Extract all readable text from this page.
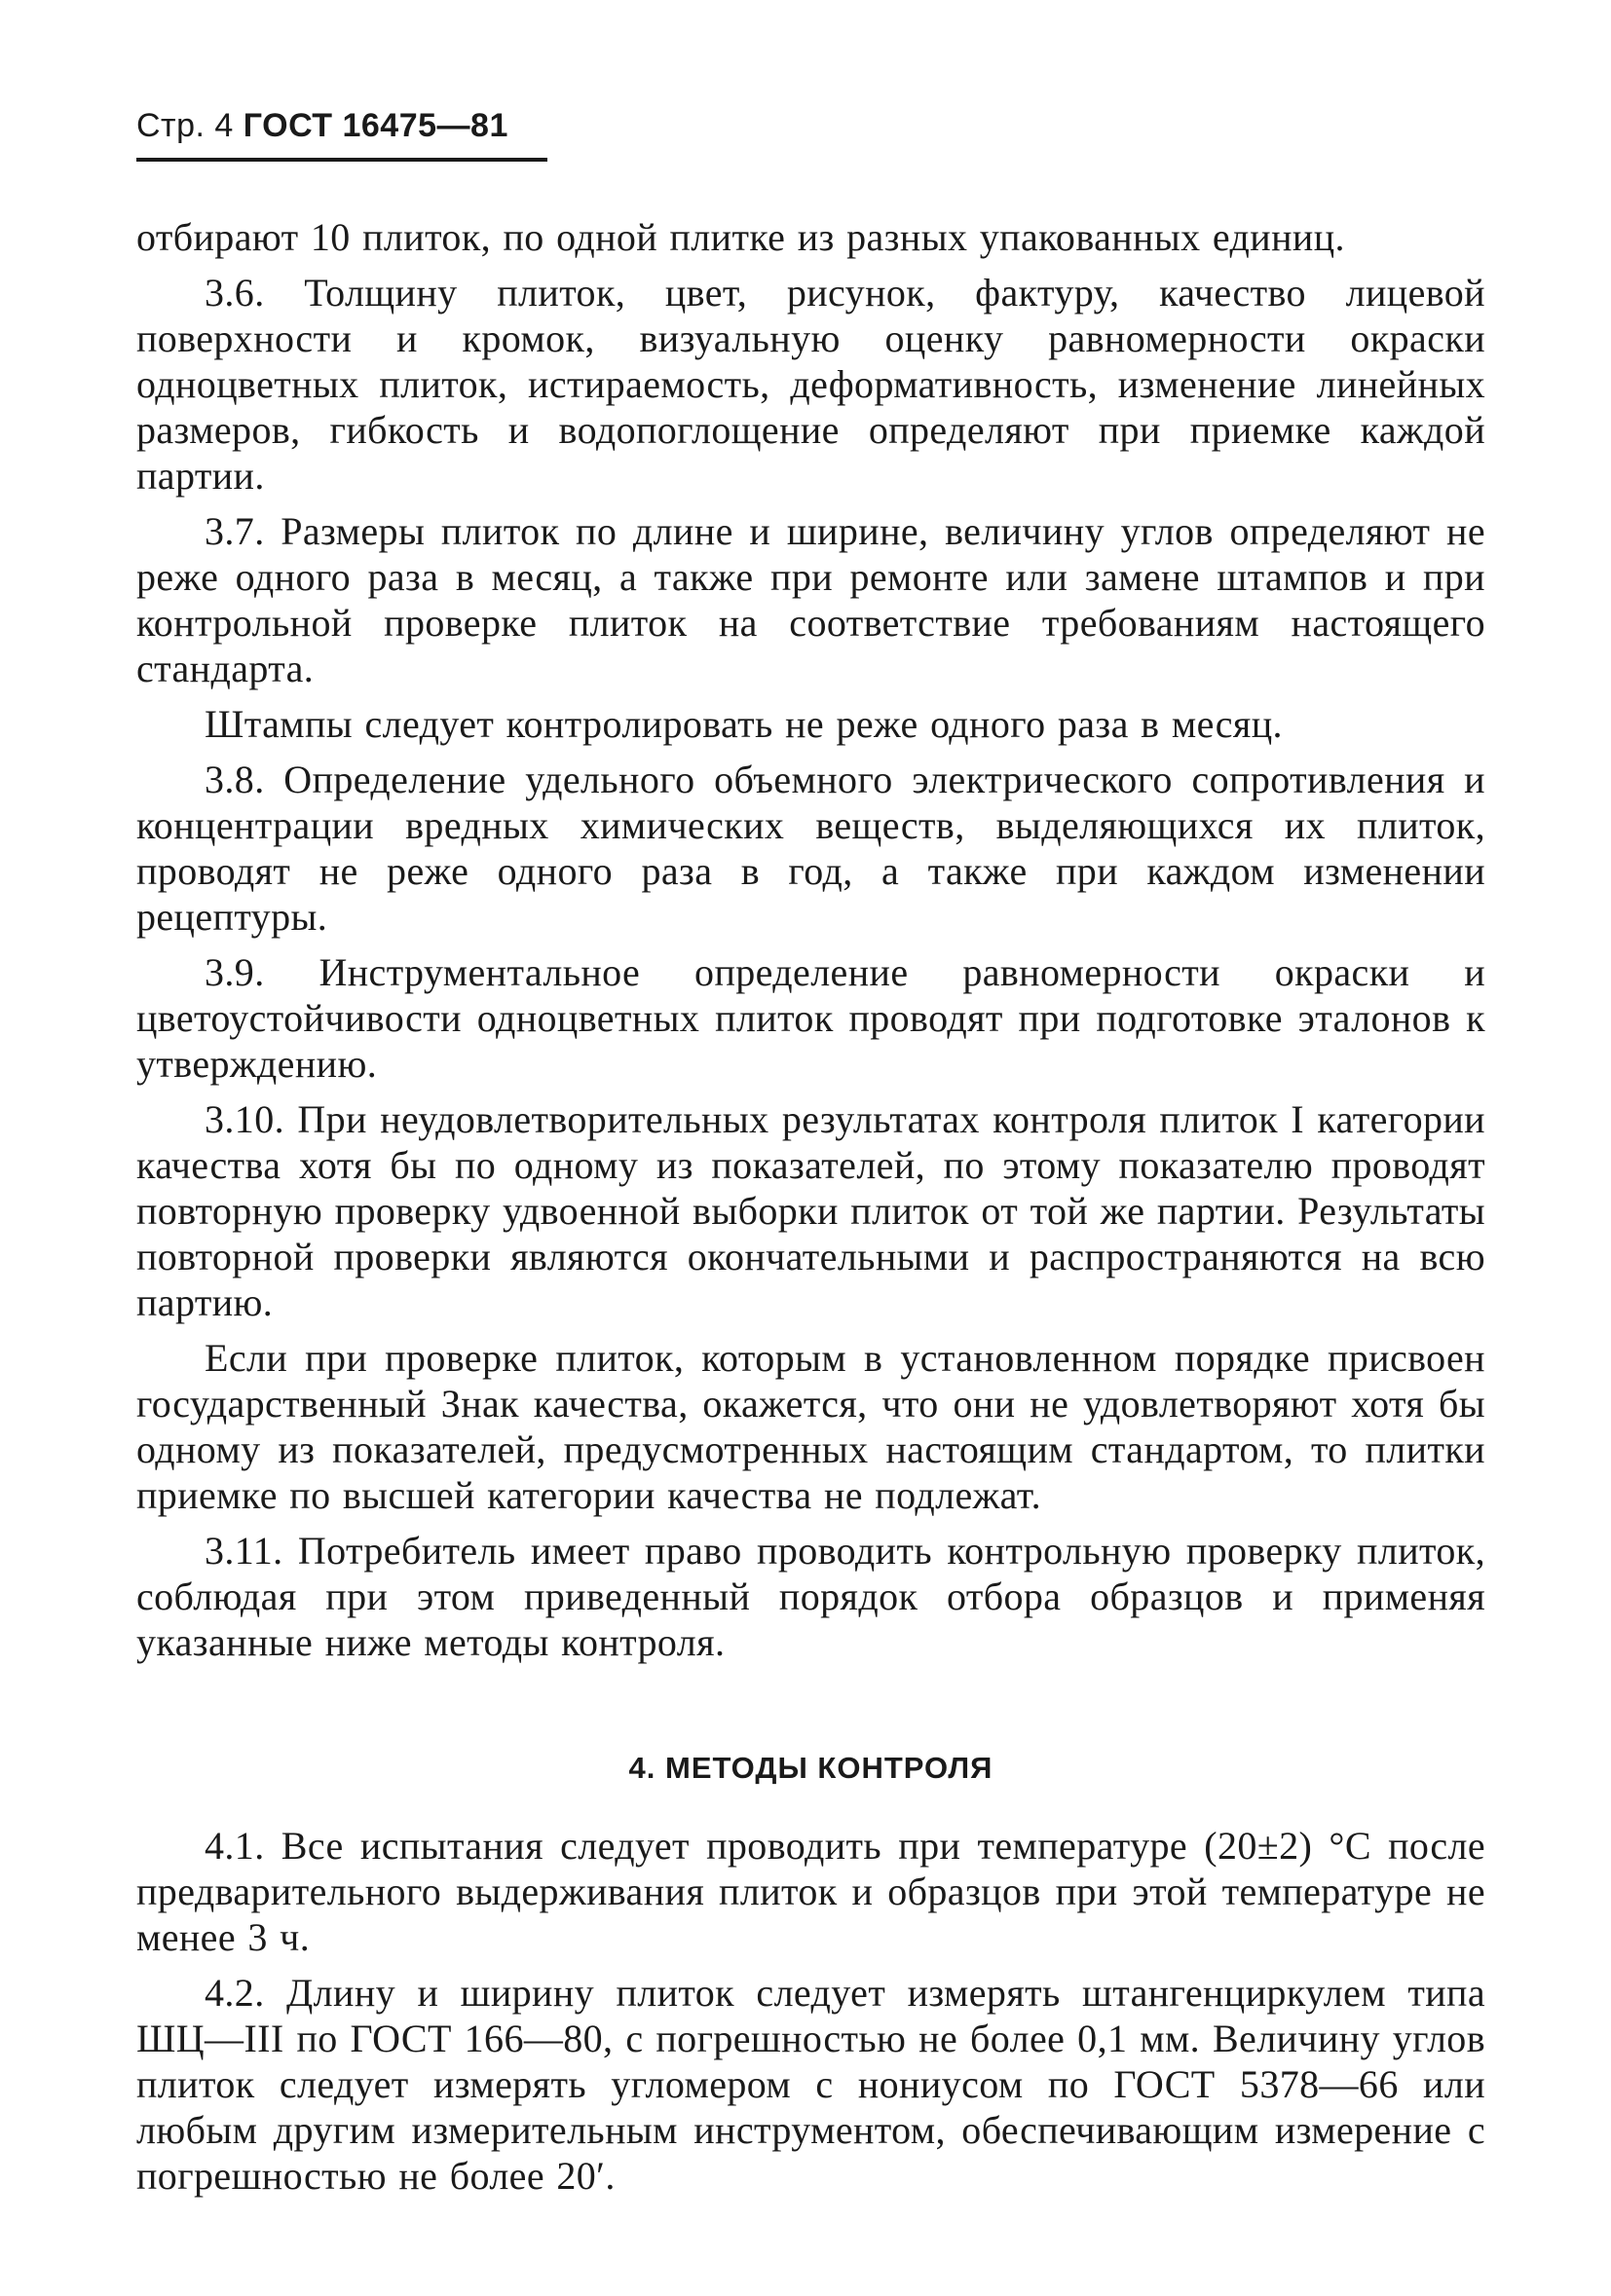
Стр. 4 ГОСТ 16475—81

отбирают 10 плиток, по одной плитке из разных упакованных единиц.

3.6. Толщину плиток, цвет, рисунок, фактуру, качество лицевой поверхности и кромок, визуальную оценку равномерности окраски одноцветных плиток, истираемость, деформативность, изменение линейных размеров, гибкость и водопоглощение определяют при приемке каждой партии.

3.7. Размеры плиток по длине и ширине, величину углов определяют не реже одного раза в месяц, а также при ремонте или замене штампов и при контрольной проверке плиток на соответствие требованиям настоящего стандарта.

Штампы следует контролировать не реже одного раза в месяц.

3.8. Определение удельного объемного электрического сопротивления и концентрации вредных химических веществ, выделяющихся их плиток, проводят не реже одного раза в год, а также при каждом изменении рецептуры.

3.9. Инструментальное определение равномерности окраски и цветоустойчивости одноцветных плиток проводят при подготовке эталонов к утверждению.

3.10. При неудовлетворительных результатах контроля плиток I категории качества хотя бы по одному из показателей, по этому показателю проводят повторную проверку удвоенной выборки плиток от той же партии. Результаты повторной проверки являются окончательными и распространяются на всю партию.

Если при проверке плиток, которым в установленном порядке присвоен государственный Знак качества, окажется, что они не удовлетворяют хотя бы одному из показателей, предусмотренных настоящим стандартом, то плитки приемке по высшей категории качества не подлежат.

3.11. Потребитель имеет право проводить контрольную проверку плиток, соблюдая при этом приведенный порядок отбора образцов и применяя указанные ниже методы контроля.

4. МЕТОДЫ КОНТРОЛЯ

4.1. Все испытания следует проводить при температуре (20±2) °С после предварительного выдерживания плиток и образцов при этой температуре не менее 3 ч.

4.2. Длину и ширину плиток следует измерять штангенциркулем типа ШЦ—III по ГОСТ 166—80, с погрешностью не более 0,1 мм. Величину углов плиток следует измерять угломером с нониусом по ГОСТ 5378—66 или любым другим измерительным инструментом, обеспечивающим измерение с погрешностью не более 20′.
